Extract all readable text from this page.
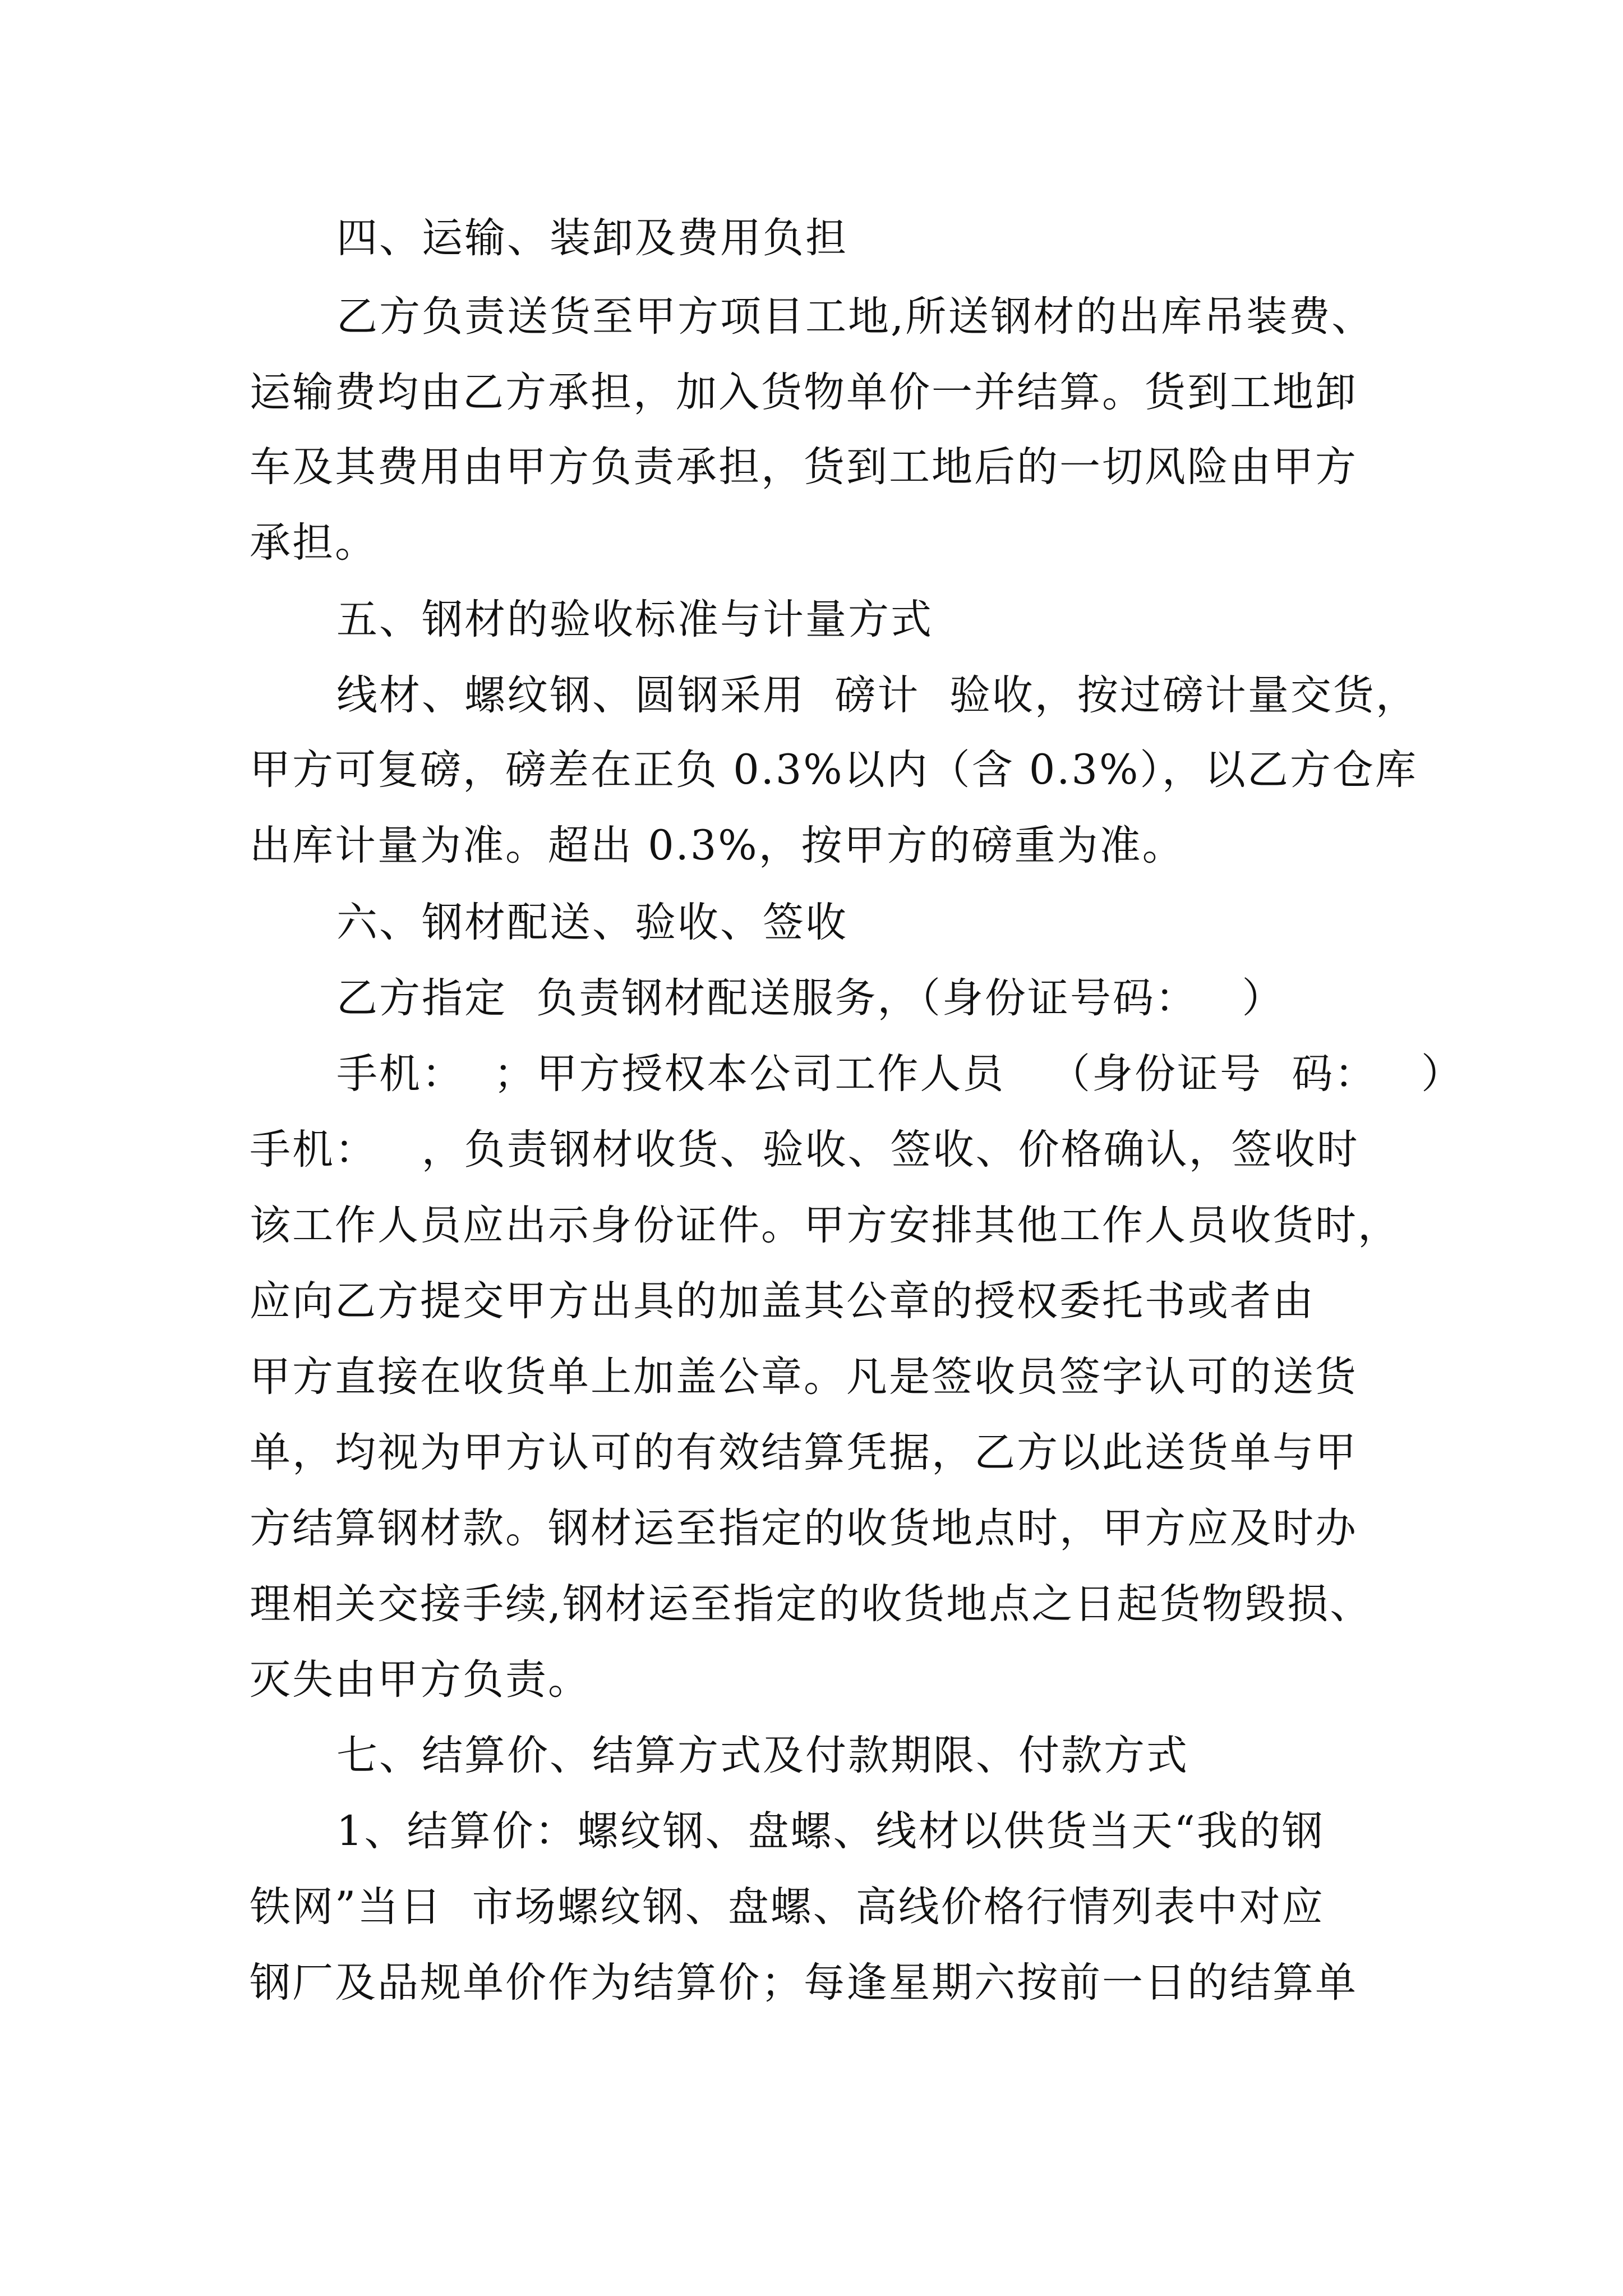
四、运输、装卸及费用负担

乙方负责送货至甲方项目工地,所送钢材的出库吊装费、

运输费均由乙方承担，加入货物单价一并结算。货到工地卸

车及其费用由甲方负责承担，货到工地后的一切风险由甲方

承担。

五、钢材的验收标准与计量方式

线材、螺纹钢、圆钢采用  磅计  验收，按过磅计量交货，

甲方可复磅，磅差在正负 0.3%以内（含 0.3%），以乙方仓库

出库计量为准。超出 0.3%，按甲方的磅重为准。

六、钢材配送、验收、签收

乙方指定  负责钢材配送服务，（身份证号码：   ）

手机：  ；甲方授权本公司工作人员   （身份证号  码：   ）

手机：   ，负责钢材收货、验收、签收、价格确认，签收时

该工作人员应出示身份证件。甲方安排其他工作人员收货时，

应向乙方提交甲方出具的加盖其公章的授权委托书或者由

甲方直接在收货单上加盖公章。凡是签收员签字认可的送货

单，均视为甲方认可的有效结算凭据，乙方以此送货单与甲

方结算钢材款。钢材运至指定的收货地点时，甲方应及时办

理相关交接手续,钢材运至指定的收货地点之日起货物毁损、

灭失由甲方负责。

七、结算价、结算方式及付款期限、付款方式

1、结算价：螺纹钢、盘螺、线材以供货当天“我的钢

铁网”当日  市场螺纹钢、盘螺、高线价格行情列表中对应

钢厂及品规单价作为结算价；每逢星期六按前一日的结算单
